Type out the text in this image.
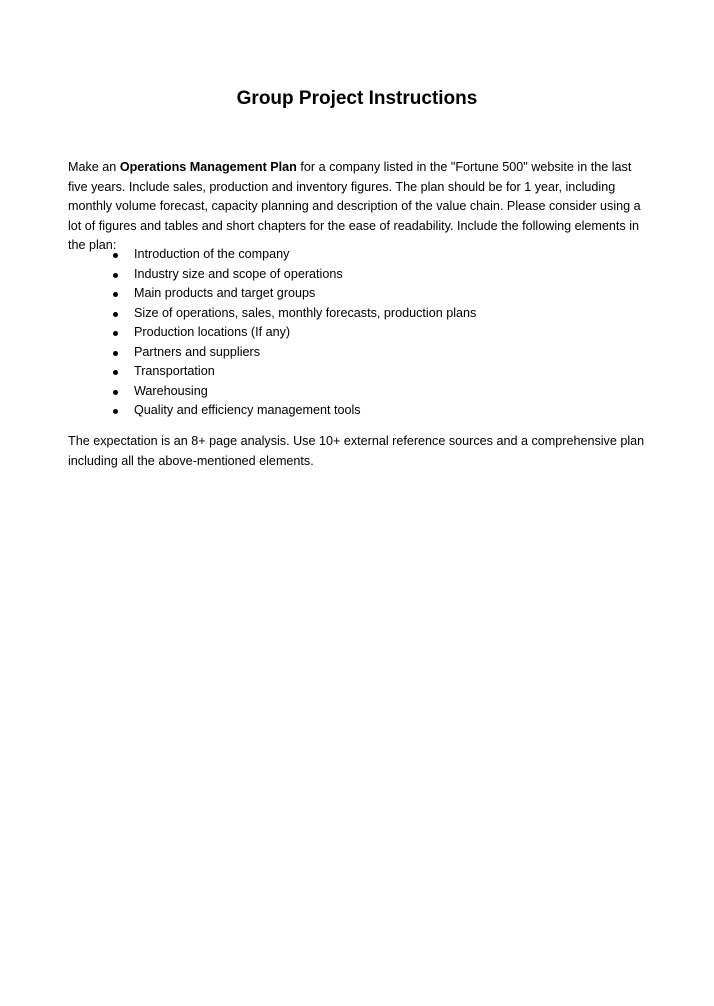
Group Project Instructions

Make an Operations Management Plan for a company listed in the "Fortune 500" website in the last five years. Include sales, production and inventory figures. The plan should be for 1 year, including monthly volume forecast, capacity planning and description of the value chain. Please consider using a lot of figures and tables and short chapters for the ease of readability. Include the following elements in the plan:

Introduction of the company
Industry size and scope of operations
Main products and target groups
Size of operations, sales, monthly forecasts, production plans
Production locations (If any)
Partners and suppliers
Transportation
Warehousing
Quality and efficiency management tools

The expectation is an 8+ page analysis. Use 10+ external reference sources and a comprehensive plan including all the above-mentioned elements.
